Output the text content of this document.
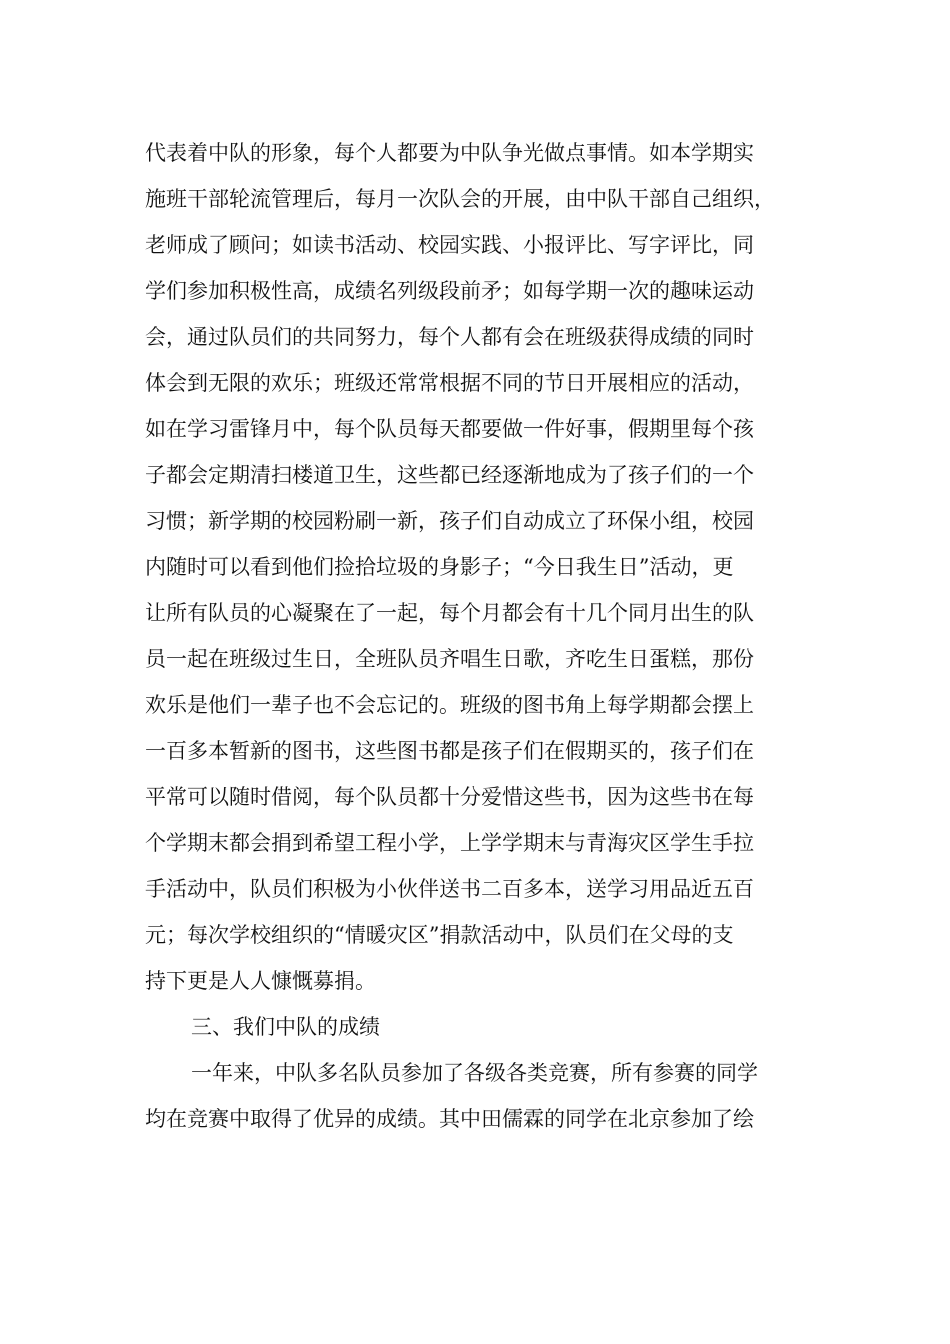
代表着中队的形象，每个人都要为中队争光做点事情。如本学期实
施班干部轮流管理后，每月一次队会的开展，由中队干部自己组织，
老师成了顾问；如读书活动、校园实践、小报评比、写字评比，同
学们参加积极性高，成绩名列级段前矛；如每学期一次的趣味运动
会，通过队员们的共同努力，每个人都有会在班级获得成绩的同时
体会到无限的欢乐；班级还常常根据不同的节日开展相应的活动，
如在学习雷锋月中，每个队员每天都要做一件好事，假期里每个孩
子都会定期清扫楼道卫生，这些都已经逐渐地成为了孩子们的一个
习惯；新学期的校园粉刷一新，孩子们自动成立了环保小组，校园
内随时可以看到他们捡拾垃圾的身影子；“今日我生日”活动，更
让所有队员的心凝聚在了一起，每个月都会有十几个同月出生的队
员一起在班级过生日，全班队员齐唱生日歌，齐吃生日蛋糕，那份
欢乐是他们一辈子也不会忘记的。班级的图书角上每学期都会摆上
一百多本暂新的图书，这些图书都是孩子们在假期买的，孩子们在
平常可以随时借阅，每个队员都十分爱惜这些书，因为这些书在每
个学期末都会捐到希望工程小学，上学学期末与青海灾区学生手拉
手活动中，队员们积极为小伙伴送书二百多本，送学习用品近五百
元；每次学校组织的“情暖灾区”捐款活动中，队员们在父母的支
持下更是人人慷慨募捐。
三、我们中队的成绩
一年来，中队多名队员参加了各级各类竞赛，所有参赛的同学
均在竞赛中取得了优异的成绩。其中田儒霖的同学在北京参加了绘
